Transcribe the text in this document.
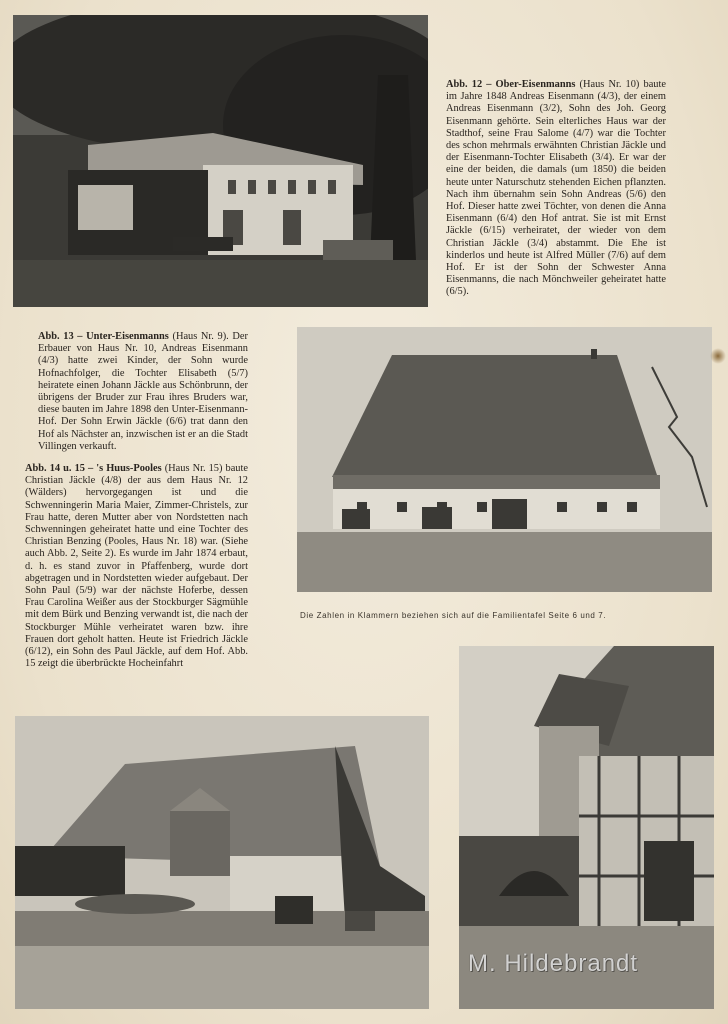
Abb. 12 – Ober-Eisenmanns (Haus Nr. 10) baute im Jahre 1848 Andreas Eisenmann (4/3), der einem Andreas Eisenmann (3/2), Sohn des Joh. Georg Eisenmann gehörte. Sein elterliches Haus war der Stadthof, seine Frau Salome (4/7) war die Tochter des schon mehrmals erwähnten Christian Jäckle und der Eisenmann-Tochter Elisabeth (3/4). Er war der eine der beiden, die damals (um 1850) die beiden heute unter Naturschutz stehenden Eichen pflanzten. Nach ihm übernahm sein Sohn Andreas (5/6) den Hof. Dieser hatte zwei Töchter, von denen die Anna Eisenmann (6/4) den Hof antrat. Sie ist mit Ernst Jäckle (6/15) verheiratet, der wieder von dem Christian Jäckle (3/4) abstammt. Die Ehe ist kinderlos und heute ist Alfred Müller (7/6) auf dem Hof. Er ist der Sohn der Schwester Anna Eisenmanns, die nach Mönchweiler geheiratet hatte (6/5).
Abb. 13 – Unter-Eisenmanns (Haus Nr. 9). Der Erbauer von Haus Nr. 10, Andreas Eisenmann (4/3) hatte zwei Kinder, der Sohn wurde Hofnachfolger, die Tochter Elisabeth (5/7) heiratete einen Johann Jäckle aus Schönbrunn, der übrigens der Bruder zur Frau ihres Bruders war, diese bauten im Jahre 1898 den Unter-Eisenmann-Hof. Der Sohn Erwin Jäckle (6/6) trat dann den Hof als Nächster an, inzwischen ist er an die Stadt Villingen verkauft.
Die Zahlen in Klammern beziehen sich auf die Familientafel Seite 6 und 7.
Abb. 14 u. 15 – 's Huus-Pooles (Haus Nr. 15) baute Christian Jäckle (4/8) der aus dem Haus Nr. 12 (Wälders) hervorgegangen ist und die Schwenningerin Maria Maier, Zimmer-Christels, zur Frau hatte, deren Mutter aber von Nordstetten nach Schwenningen geheiratet hatte und eine Tochter des Christian Benzing (Pooles, Haus Nr. 18) war. (Siehe auch Abb. 2, Seite 2). Es wurde im Jahr 1874 erbaut, d. h. es stand zuvor in Pfaffenberg, wurde dort abgetragen und in Nordstetten wieder aufgebaut. Der Sohn Paul (5/9) war der nächste Hoferbe, dessen Frau Carolina Weißer aus der Stockburger Sägmühle mit dem Bürk und Benzing verwandt ist, die nach der Stockburger Mühle verheiratet waren bzw. ihre Frauen dort geholt hatten. Heute ist Friedrich Jäckle (6/12), ein Sohn des Paul Jäckle, auf dem Hof. Abb. 15 zeigt die überbrückte Hocheinfahrt
M. Hildebrandt
